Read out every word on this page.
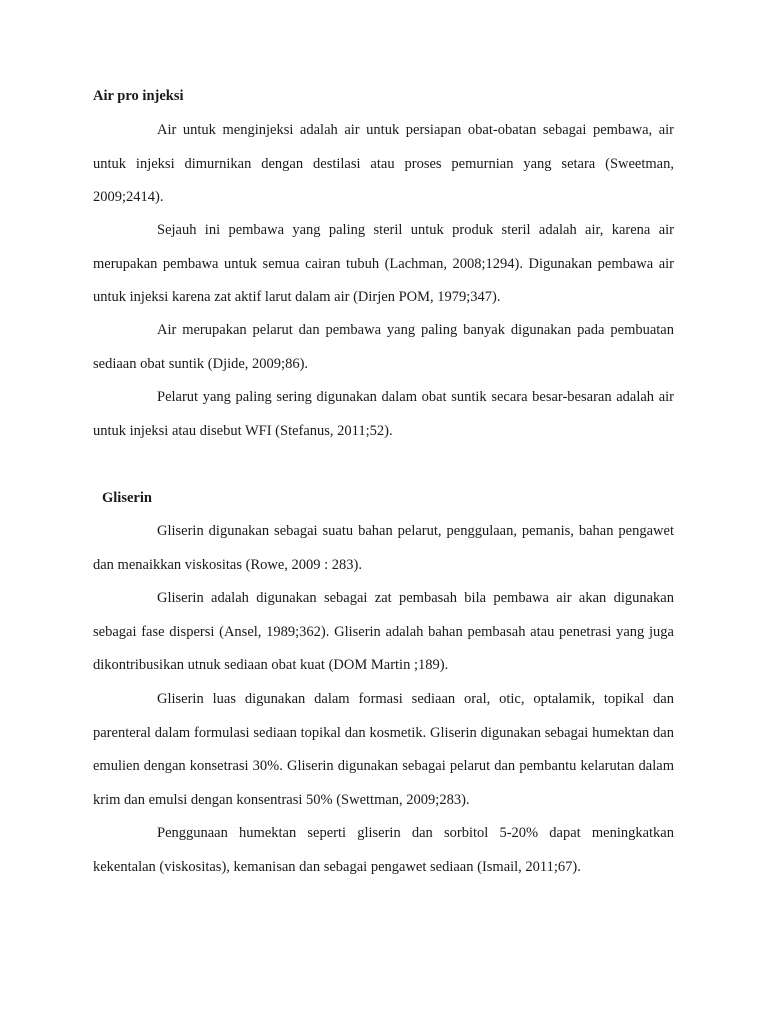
Air pro injeksi

Air untuk menginjeksi adalah air untuk persiapan obat-obatan sebagai pembawa, air untuk injeksi dimurnikan dengan destilasi atau proses pemurnian yang setara (Sweetman, 2009;2414).

Sejauh ini pembawa yang paling steril untuk produk steril adalah air, karena air merupakan pembawa untuk semua cairan tubuh (Lachman, 2008;1294). Digunakan pembawa air untuk injeksi karena zat aktif larut dalam air (Dirjen POM, 1979;347).

Air merupakan pelarut dan pembawa yang paling banyak digunakan pada pembuatan sediaan obat suntik (Djide, 2009;86).

Pelarut yang paling sering digunakan dalam obat suntik secara besar-besaran adalah air untuk injeksi atau disebut WFI (Stefanus, 2011;52).

Gliserin

Gliserin digunakan sebagai suatu bahan pelarut, penggulaan, pemanis, bahan pengawet dan menaikkan viskositas (Rowe, 2009 : 283).

Gliserin adalah digunakan sebagai zat pembasah bila pembawa air akan digunakan sebagai fase dispersi (Ansel, 1989;362). Gliserin adalah bahan pembasah atau penetrasi yang juga dikontribusikan utnuk sediaan obat kuat (DOM Martin ;189).

Gliserin luas digunakan dalam formasi sediaan oral, otic, optalamik, topikal dan parenteral dalam formulasi sediaan topikal dan kosmetik. Gliserin digunakan sebagai humektan dan emulien dengan konsetrasi 30%. Gliserin digunakan sebagai pelarut dan pembantu kelarutan dalam krim dan emulsi dengan konsentrasi 50% (Swettman, 2009;283).

Penggunaan humektan seperti gliserin dan sorbitol 5-20% dapat meningkatkan kekentalan (viskositas), kemanisan dan sebagai pengawet sediaan (Ismail, 2011;67).
